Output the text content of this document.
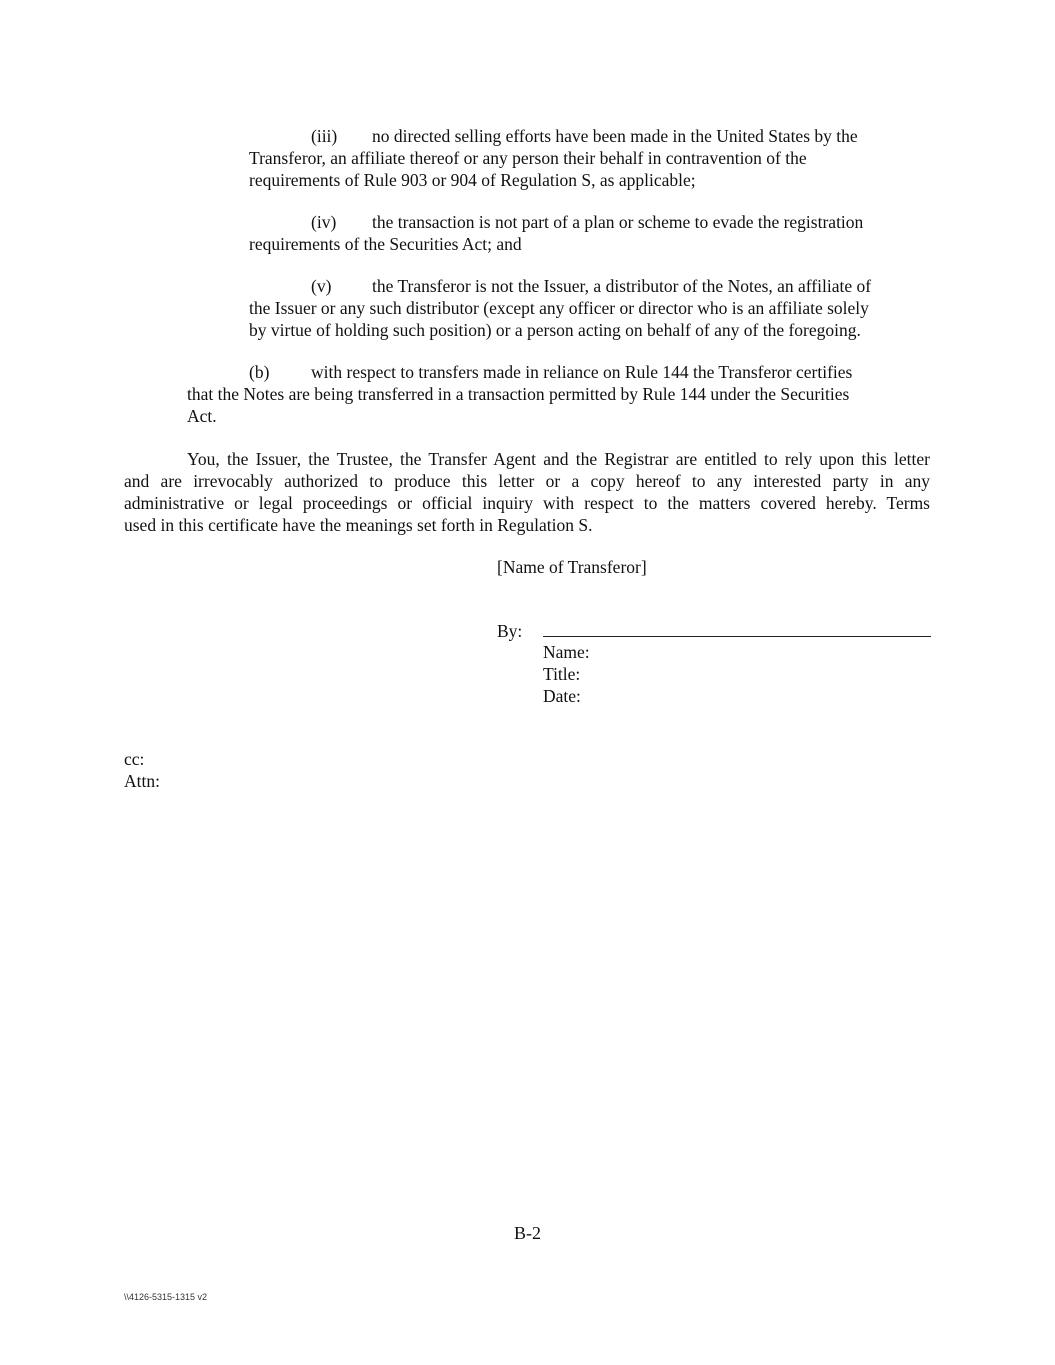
(iii) no directed selling efforts have been made in the United States by the
Transferor, an affiliate thereof or any person their behalf in contravention of the
requirements of Rule 903 or 904 of Regulation S, as applicable;
(iv) the transaction is not part of a plan or scheme to evade the registration
requirements of the Securities Act; and
(v) the Transferor is not the Issuer, a distributor of the Notes, an affiliate of
the Issuer or any such distributor (except any officer or director who is an affiliate solely
by virtue of holding such position) or a person acting on behalf of any of the foregoing.
(b) with respect to transfers made in reliance on Rule 144 the Transferor certifies
that the Notes are being transferred in a transaction permitted by Rule 144 under the Securities
Act.
You, the Issuer, the Trustee, the Transfer Agent and the Registrar are entitled to rely upon this letter
and are irrevocably authorized to produce this letter or a copy hereof to any interested party in any
administrative or legal proceedings or official inquiry with respect to the matters covered hereby. Terms
used in this certificate have the meanings set forth in Regulation S.
[Name of Transferor]
By:
Name:
Title:
Date:
cc:
Attn:
B-2
\\4126-5315-1315 v2
